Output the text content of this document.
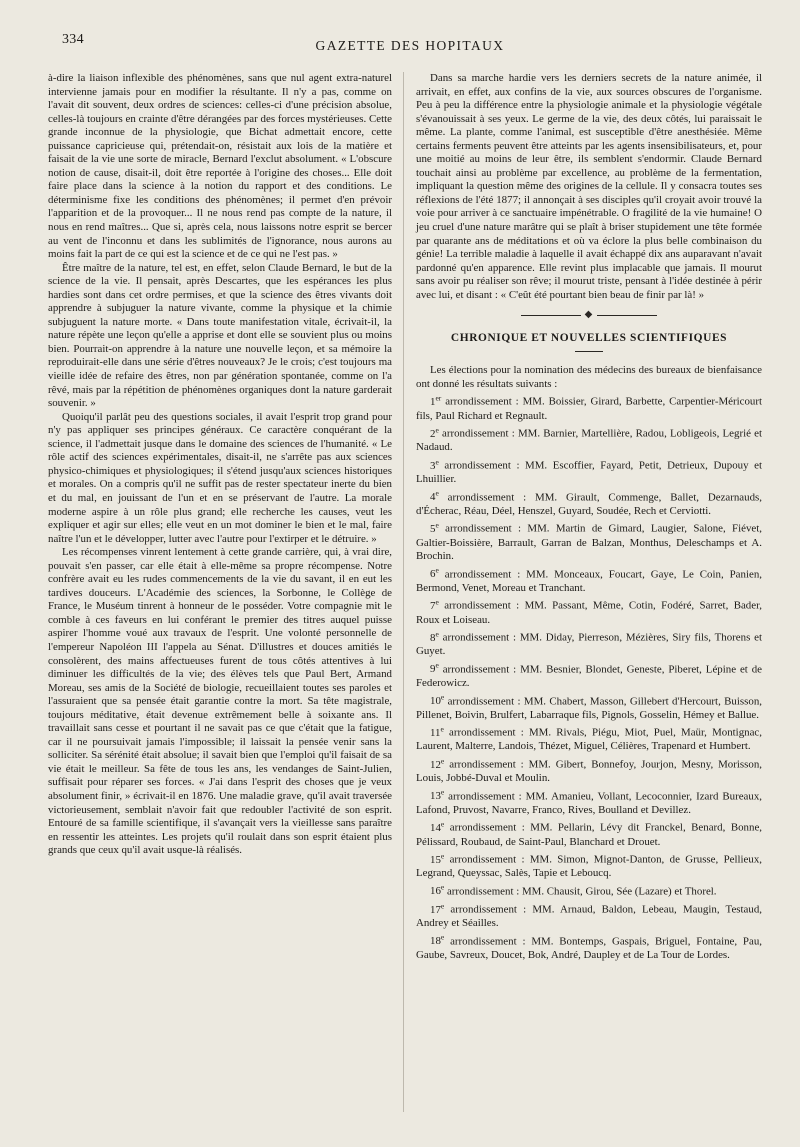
334	GAZETTE DES HOPITAUX

à-dire la liaison inflexible des phénomènes, sans que nul agent extra-naturel intervienne jamais pour en modifier la résultante. Il n'y a pas, comme on l'avait dit souvent, deux ordres de sciences: celles-ci d'une précision absolue, celles-là toujours en crainte d'être dérangées par des forces mystérieuses. Cette grande inconnue de la physiologie, que Bichat admettait encore, cette puissance capricieuse qui, prétendait-on, résistait aux lois de la matière et faisait de la vie une sorte de miracle, Bernard l'exclut absolument. « L'obscure notion de cause, disait-il, doit être reportée à l'origine des choses... Elle doit faire place dans la science à la notion du rapport et des conditions. Le déterminisme fixe les conditions des phénomènes; il permet d'en prévoir l'apparition et de la provoquer... Il ne nous rend pas compte de la nature, il nous en rend maîtres... Que si, après cela, nous laissons notre esprit se bercer au vent de l'inconnu et dans les sublimités de l'ignorance, nous aurons au moins fait la part de ce qui est la science et de ce qui ne l'est pas. »

Être maître de la nature, tel est, en effet, selon Claude Bernard, le but de la science de la vie. Il pensait, après Descartes, que les espérances les plus hardies sont dans cet ordre permises, et que la science des êtres vivants doit apprendre à subjuguer la nature vivante, comme la physique et la chimie subjuguent la nature morte. « Dans toute manifestation vitale, écrivait-il, la nature répète une leçon qu'elle a apprise et dont elle se souvient plus ou moins bien. Pourrait-on apprendre à la nature une nouvelle leçon, et sa mémoire la reproduirait-elle dans une série d'êtres nouveaux? Je le crois; c'est toujours ma vieille idée de refaire des êtres, non par génération spontanée, comme on l'a rêvé, mais par la répétition de phénomènes organiques dont la nature garderait souvenir. »

Quoiqu'il parlât peu des questions sociales, il avait l'esprit trop grand pour n'y pas appliquer ses principes généraux. Ce caractère conquérant de la science, il l'admettait jusque dans le domaine des sciences de l'humanité. « Le rôle actif des sciences expérimentales, disait-il, ne s'arrête pas aux sciences physico-chimiques et physiologiques; il s'étend jusqu'aux sciences historiques et morales. On a compris qu'il ne suffit pas de rester spectateur inerte du bien et du mal, en jouissant de l'un et en se préservant de l'autre. La morale moderne aspire à un rôle plus grand; elle recherche les causes, veut les expliquer et agir sur elles; elle veut en un mot dominer le bien et le mal, faire naître l'un et le développer, lutter avec l'autre pour l'extirper et le détruire. »

Les récompenses vinrent lentement à cette grande carrière, qui, à vrai dire, pouvait s'en passer, car elle était à elle-même sa propre récompense. Notre confrère avait eu les rudes commencements de la vie du savant, il en eut les tardives douceurs. L'Académie des sciences, la Sorbonne, le Collège de France, le Muséum tinrent à honneur de le posséder. Votre compagnie mit le comble à ces faveurs en lui conférant le premier des titres auquel puisse aspirer l'homme voué aux travaux de l'esprit. Une volonté personnelle de l'empereur Napoléon III l'appela au Sénat. D'illustres et douces amitiés le consolèrent, des mains affectueuses furent de tous côtés attentives à lui diminuer les difficultés de la vie; des élèves tels que Paul Bert, Armand Moreau, ses amis de la Société de biologie, recueillaient toutes ses paroles et l'assuraient que sa pensée était garantie contre la mort. Sa tête magistrale, toujours méditative, était devenue extrêmement belle à soixante ans. Il travaillait sans cesse et pourtant il ne savait pas ce que c'était que la fatigue, car il ne poursuivait jamais l'impossible; il laissait la pensée venir sans la solliciter. Sa sérénité était absolue; il savait bien que l'emploi qu'il faisait de sa vie était le meilleur. Sa fête de tous les ans, les vendanges de Saint-Julien, suffisait pour réparer ses forces. « J'ai dans l'esprit des choses que je veux absolument finir, » écrivait-il en 1876. Une maladie grave, qu'il avait traversée victorieusement, semblait n'avoir fait que redoubler l'activité de son esprit. Entouré de sa famille scientifique, il s'avançait vers la vieillesse sans paraître en ressentir les atteintes. Les projets qu'il roulait dans son esprit étaient plus grands que ceux qu'il avait usque-là réalisés.

Dans sa marche hardie vers les derniers secrets de la nature animée, il arrivait, en effet, aux confins de la vie, aux sources obscures de l'organisme. Peu à peu la différence entre la physiologie animale et la physiologie végétale s'évanouissait à ses yeux. Le germe de la vie, des deux côtés, lui paraissait le même. La plante, comme l'animal, est susceptible d'être anesthésiée. Même certains ferments peuvent être atteints par les agents insensibilisateurs, et, pour une moitié au moins de leur être, ils semblent s'endormir. Claude Bernard touchait ainsi au problème par excellence, au problème de la fermentation, impliquant la question même des origines de la cellule. Il y consacra toutes ses réflexions de l'été 1877; il annonçait à ses disciples qu'il croyait avoir trouvé la voie pour arriver à ce sanctuaire impénétrable. O fragilité de la vie humaine! O jeu cruel d'une nature marâtre qui se plaît à briser stupidement une tête formée par quarante ans de méditations et où va éclore la plus belle combinaison du génie! La terrible maladie à laquelle il avait échappé dix ans auparavant n'avait pardonné qu'en apparence. Elle revint plus implacable que jamais. Il mourut sans avoir pu réaliser son rêve; il mourut triste, pensant à l'idée destinée à périr avec lui, et disant : « C'eût été pourtant bien beau de finir par là! »

◆
CHRONIQUE ET NOUVELLES SCIENTIFIQUES

Les élections pour la nomination des médecins des bureaux de bienfaisance ont donné les résultats suivants :

1er arrondissement : MM. Boissier, Girard, Barbette, Carpentier-Méricourt fils, Paul Richard et Regnault.

2e arrondissement : MM. Barnier, Martellière, Radou, Lobligeois, Legrié et Nadaud.

3e arrondissement : MM. Escoffier, Fayard, Petit, Detrieux, Dupouy et Lhuillier.

4e arrondissement : MM. Girault, Commenge, Ballet, Dezarnauds, d'Écherac, Réau, Déel, Henszel, Guyard, Soudée, Rech et Cerviotti.

5e arrondissement : MM. Martin de Gimard, Laugier, Salone, Fiévet, Galtier-Boissière, Barrault, Garran de Balzan, Monthus, Deleschamps et A. Brochin.

6e arrondissement : MM. Monceaux, Foucart, Gaye, Le Coin, Panien, Bermond, Venet, Moreau et Tranchant.

7e arrondissement : MM. Passant, Même, Cotin, Fodéré, Sarret, Bader, Roux et Loiseau.

8e arrondissement : MM. Diday, Pierreson, Mézières, Siry fils, Thorens et Guyet.

9e arrondissement : MM. Besnier, Blondet, Geneste, Piberet, Lépine et de Federowicz.

10e arrondissement : MM. Chabert, Masson, Gillebert d'Hercourt, Buisson, Pillenet, Boivin, Brulfert, Labarraque fils, Pignols, Gosselin, Hémey et Ballue.

11e arrondissement : MM. Rivals, Piégu, Miot, Puel, Maür, Montignac, Laurent, Malterre, Landois, Thézet, Miguel, Célières, Trapenard et Humbert.

12e arrondissement : MM. Gibert, Bonnefoy, Jourjon, Mesny, Morisson, Louis, Jobbé-Duval et Moulin.

13e arrondissement : MM. Amanieu, Vollant, Lecoconnier, Izard Bureaux, Lafond, Pruvost, Navarre, Franco, Rives, Boulland et Devillez.

14e arrondissement : MM. Pellarin, Lévy dit Franckel, Benard, Bonne, Pélissard, Roubaud, de Saint-Paul, Blanchard et Drouet.

15e arrondissement : MM. Simon, Mignot-Danton, de Grusse, Pellieux, Legrand, Queyssac, Salès, Tapie et Leboucq.

16e arrondissement : MM. Chausit, Girou, Sée (Lazare) et Thorel.

17e arrondissement : MM. Arnaud, Baldon, Lebeau, Maugin, Testaud, Andrey et Séailles.

18e arrondissement : MM. Bontemps, Gaspais, Briguel, Fontaine, Pau, Gaube, Savreux, Doucet, Bok, André, Daupley et de La Tour de Lordes.
